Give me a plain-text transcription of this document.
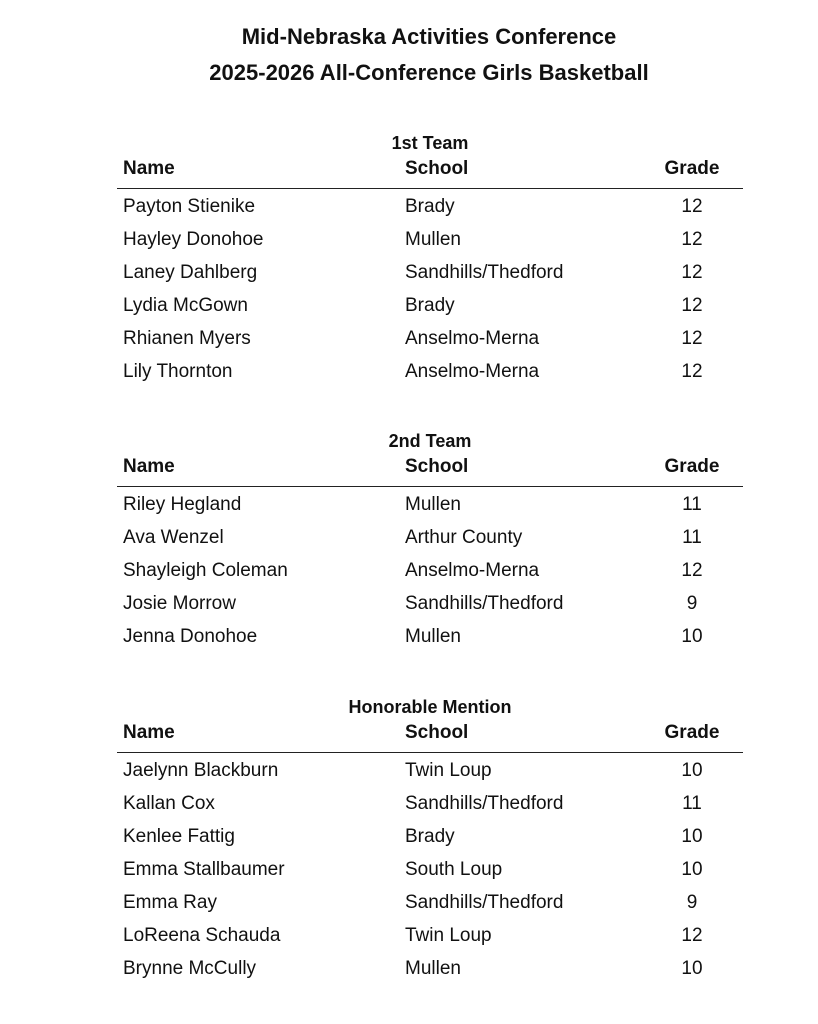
Mid-Nebraska Activities Conference
2025-2026 All-Conference Girls Basketball
1st Team
Name	School	Grade
Payton Stienike	Brady	12
Hayley Donohoe	Mullen	12
Laney Dahlberg	Sandhills/Thedford	12
Lydia McGown	Brady	12
Rhianen Myers	Anselmo-Merna	12
Lily Thornton	Anselmo-Merna	12
2nd Team
Name	School	Grade
Riley Hegland	Mullen	11
Ava Wenzel	Arthur County	11
Shayleigh Coleman	Anselmo-Merna	12
Josie Morrow	Sandhills/Thedford	9
Jenna Donohoe	Mullen	10
Honorable Mention
Name	School	Grade
Jaelynn Blackburn	Twin Loup	10
Kallan Cox	Sandhills/Thedford	11
Kenlee Fattig	Brady	10
Emma Stallbaumer	South Loup	10
Emma Ray	Sandhills/Thedford	9
LoReena Schauda	Twin Loup	12
Brynne McCully	Mullen	10
